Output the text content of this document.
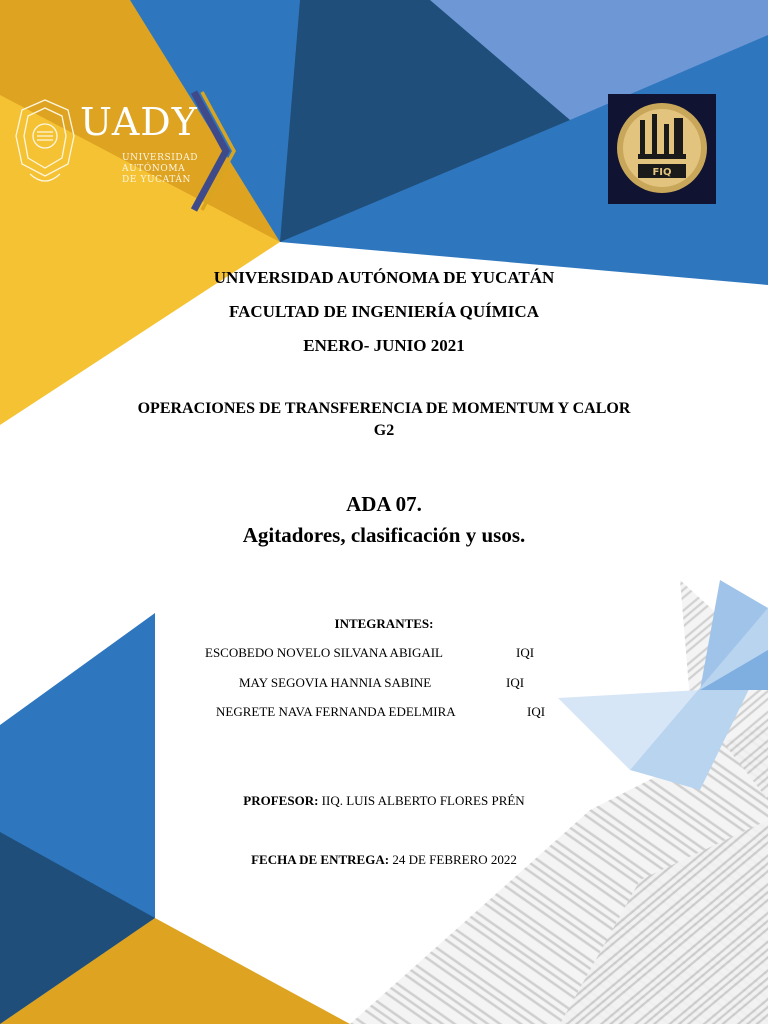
UADY
UNIVERSIDAD
AUTÓNOMA
DE YUCATÁN
FIQ
UNIVERSIDAD AUTÓNOMA DE YUCATÁN
FACULTAD DE INGENIERÍA QUÍMICA
ENERO- JUNIO 2021
OPERACIONES DE TRANSFERENCIA DE MOMENTUM Y CALOR
G2
ADA 07.
Agitadores, clasificación y usos.
INTEGRANTES:
ESCOBEDO NOVELO SILVANA ABIGAIL	IQI
MAY SEGOVIA HANNIA SABINE	IQI
NEGRETE NAVA FERNANDA EDELMIRA	IQI
PROFESOR: IIQ. LUIS ALBERTO FLORES PRÉN
FECHA DE ENTREGA: 24 DE FEBRERO 2022
